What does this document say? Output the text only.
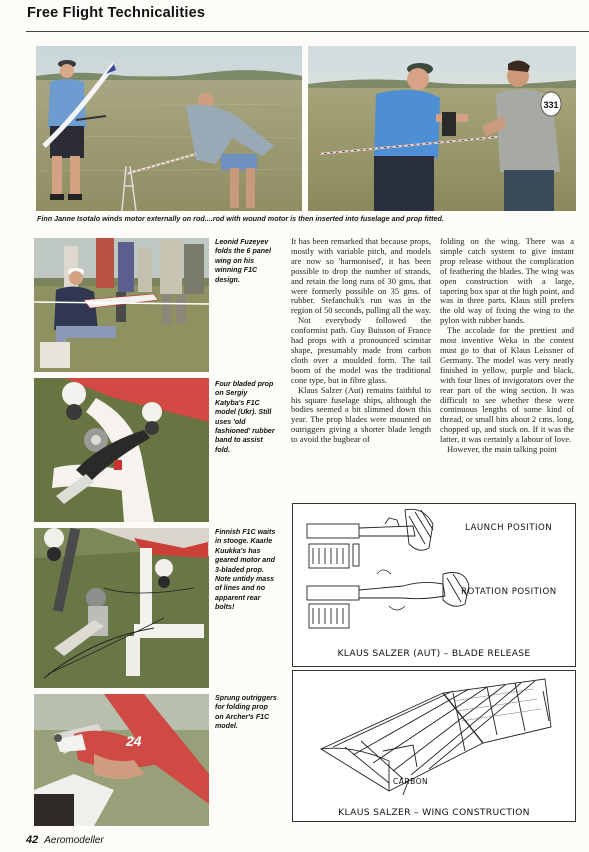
Free Flight Technicalities
331
Finn Janne Isotalo winds motor externally on rod....rod with wound motor is then inserted into fuselage and prop fitted.
Leonid Fuzeyev folds the 6 panel wing on his winning F1C design.
Four bladed prop on Sergiy Katyba's F1C model (Ukr). Still uses 'old fashioned' rubber band to assist fold.
Finnish F1C waits in stooge. Kaarle Kuukka's has geared motor and 3-bladed prop. Note untidy mass of lines and no apparent rear bolts!
24
Sprung outriggers for folding prop on Archer's F1C model.

It has been remarked that because props, mostly with variable pitch, and models are now so 'harmonised', it has been possible to drop the number of strands, and retain the long runs of 30 gms, that were formerly possible on 35 gms. of rubber. Stefanchuk's run was in the region of 50 seconds, pulling all the way.

Not everybody followed the conformist path. Guy Buisson of France had props with a pronounced scimitar shape, presumably made from carbon cloth over a moulded form. The tail boom of the model was the traditional cone type, but in fibre glass.

Klaus Salzer (Aut) remains faithful to his square fuselage ships, although the bodies seemed a bit slimmed down this year. The prop blades were mounted on outriggers giving a shorter blade length to avoid the bugbear of

folding on the wing. There was a simple catch system to give instant prop release without the complication of feathering the blades. The wing was open construction with a large, tapering box spar at the high point, and was in three parts. Klaus still prefers the old way of fixing the wing to the pylon with rubber bands.

The accolade for the prettiest and most inventive Weka in the contest must go to that of Klaus Leissner of Germany. The model was very neatly finished in yellow, purple and black, with four lines of invigorators over the rear part of the wing section. It was difficult to see whether these were continuous lengths of some kind of thread, or small bits about 2 cms. long, chopped up, and stuck on. If it was the latter, it was certainly a labour of love.

However, the main talking point

LAUNCH POSITION
ROTATION POSITION
KLAUS SALZER (AUT) – BLADE RELEASE
CARBON
KLAUS SALZER – WING CONSTRUCTION
42 Aeromodeller
